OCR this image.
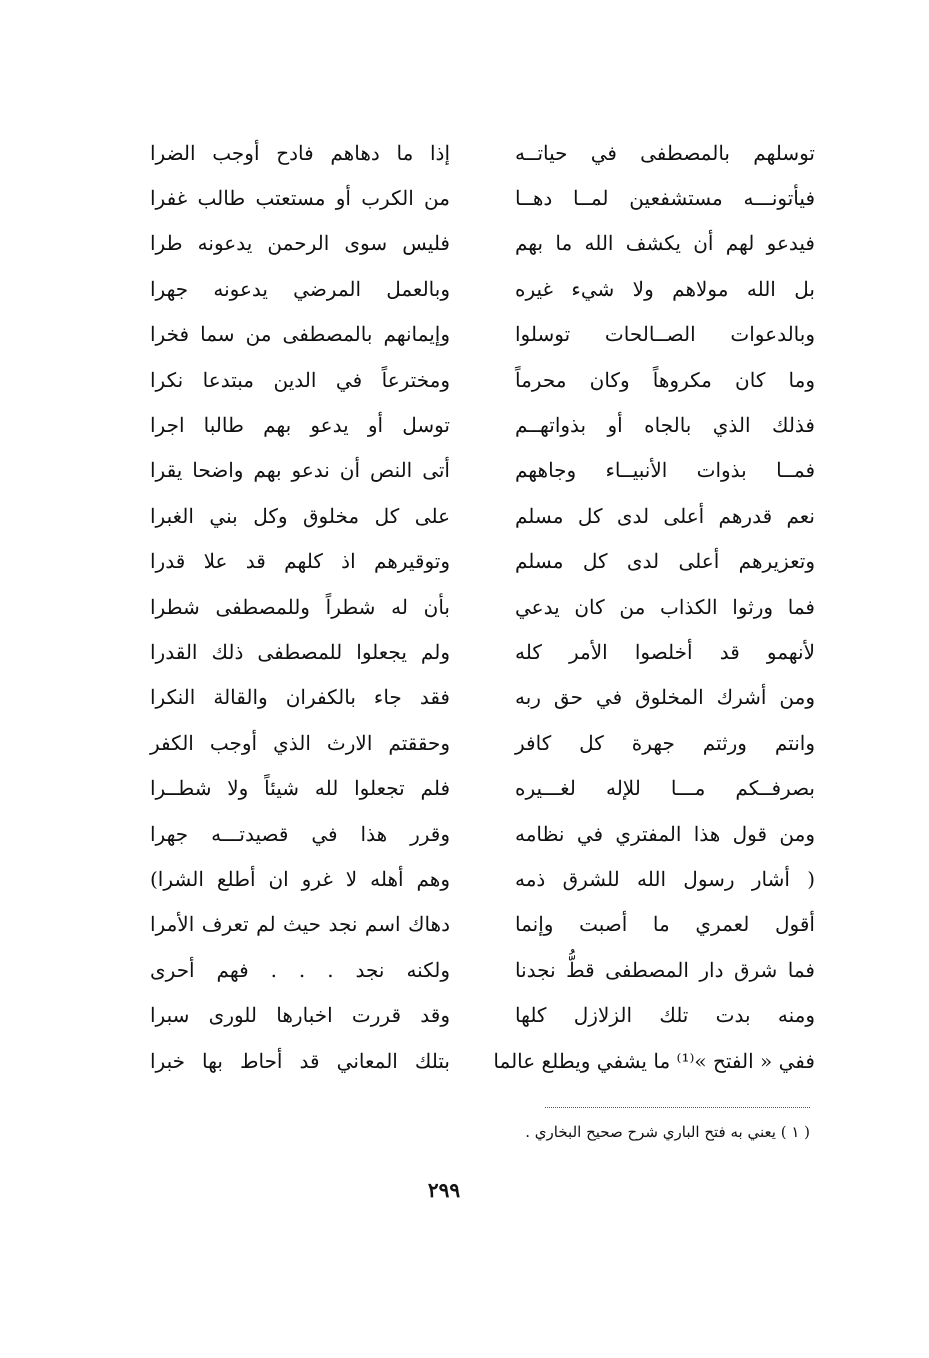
توسلهم بالمصطفى في حياتــه
إذا ما دهاهم فادح أوجب الضرا
فيأتونـــه مستشفعين لمــا دهــا
من الكرب أو مستعتب طالب غفرا
فيدعو لهم أن يكشف الله ما بهم
فليس سوى الرحمن يدعونه طرا
بل الله مولاهم ولا شيء غيره
وبالعمل المرضي يدعونه جهرا
وبالدعوات الصــالحات توسلوا
وإيمانهم بالمصطفى من سما فخرا
وما كان مكروهاً وكان محرماً
ومخترعاً في الدين مبتدعا نكرا
فذلك الذي بالجاه أو بذواتهــم
توسل أو يدعو بهم طالبا اجرا
فمــا بذوات الأنبيــاء وجاههم
أتى النص أن ندعو بهم واضحا يقرا
نعم قدرهم أعلى لدى كل مسلم
على كل مخلوق وكل بني الغبرا
وتعزيرهم أعلى لدى كل مسلم
وتوقيرهم اذ كلهم قد علا قدرا
فما ورثوا الكذاب من كان يدعي
بأن له شطراً وللمصطفى شطرا
لأنهمو قد أخلصوا الأمر كله
ولم يجعلوا للمصطفى ذلك القدرا
ومن أشرك المخلوق في حق ربه
فقد جاء بالكفران والقالة النكرا
وانتم ورثتم جهرة كل كافر
وحققتم الارث الذي أوجب الكفر
بصرفــكم مـــا للإله لغـــيره
فلم تجعلوا لله شيئاً ولا شطــرا
ومن قول هذا المفتري في نظامه
وقرر هذا في قصيدتـــه جهرا
( أشار رسول الله للشرق ذمه
وهم أهله لا غرو ان أطلع الشرا)
أقول لعمري ما أصبت وإنما
دهاك اسم نجد حيث لم تعرف الأمرا
فما شرق دار المصطفى قطُّ نجدنا
ولكنه نجد . . . فهم أحرى
ومنه بدت تلك الزلازل كلها
وقد قررت اخبارها للورى سبرا
ففي « الفتح »⁽¹⁾ ما يشفي ويطلع عالما
بتلك المعاني قد أحاط بها خبرا
( ١ ) يعني به فتح الباري شرح صحيح البخاري .
٢٩٩
